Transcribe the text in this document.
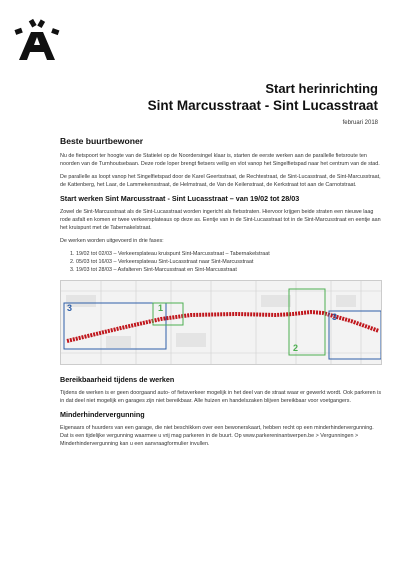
Start herinrichting
Sint Marcusstraat - Sint Lucasstraat
februari 2018
Beste buurtbewoner

Nu de fietspoort ter hoogte van de Statielei op de Noordersingel klaar is, starten de eerste werken aan de parallelle fietsroute ten noorden van de Turnhoutsebaan. Deze rode loper brengt fietsers veilig en vlot vanop het Singelfietspad naar het centrum van de stad.

De parallelle as loopt vanop het Singelfietspad door de Karel Geertsstraat, de Rechtestraat, de Sint-Lucasstraat, de Sint-Marcusstraat, de Kattenberg, het Laar, de Lammekensstraat, de Helmstraat, de Van de Keilenstraat, de Kerkstraat tot aan de Carnotstraat.

Start werken Sint Marcusstraat - Sint Lucasstraat – van 19/02 tot 28/03

Zowel de Sint-Marcusstraat als de Sint-Lucasstraat worden ingericht als fietsstraten. Hiervoor krijgen beide straten een nieuwe laag rode asfalt en komen er twee verkeersplateaus op deze as. Eentje van in de Sint-Lucasstraat tot in de Sint-Marcusstraat en eentje aan het kruispunt met de Tabernakelstraat.

De werken worden uitgevoerd in drie fases:

1. 19/02 tot 02/03 – Verkeersplateau kruispunt Sint-Marcusstraat – Tabernakelstraat
2. 05/03 tot 16/03 – Verkeersplateau Sint-Lucasstraat naar Sint-Marcusstraat
3. 19/03 tot 28/03 – Asfalteren Sint-Marcusstraat en Sint-Marcusstraat
3	1
2
3
Bereikbaarheid tijdens de werken

Tijdens de werken is er geen doorgaand auto- of fietsverkeer mogelijk in het deel van de straat waar er gewerkt wordt. Ook parkeren is in dat deel niet mogelijk en garages zijn niet bereikbaar. Alle huizen en handelszaken blijven bereikbaar voor voetgangers.

Minderhindervergunning

Eigenaars of huurders van een garage, die niet beschikken over een bewonerskaart, hebben recht op een minderhindervergunning. Dat is een tijdelijke vergunning waarmee u vrij mag parkeren in de buurt. Op www.parkereninantwerpen.be > Vergunningen > Minderhindervergunning kan u een aanvraagformulier invullen.
